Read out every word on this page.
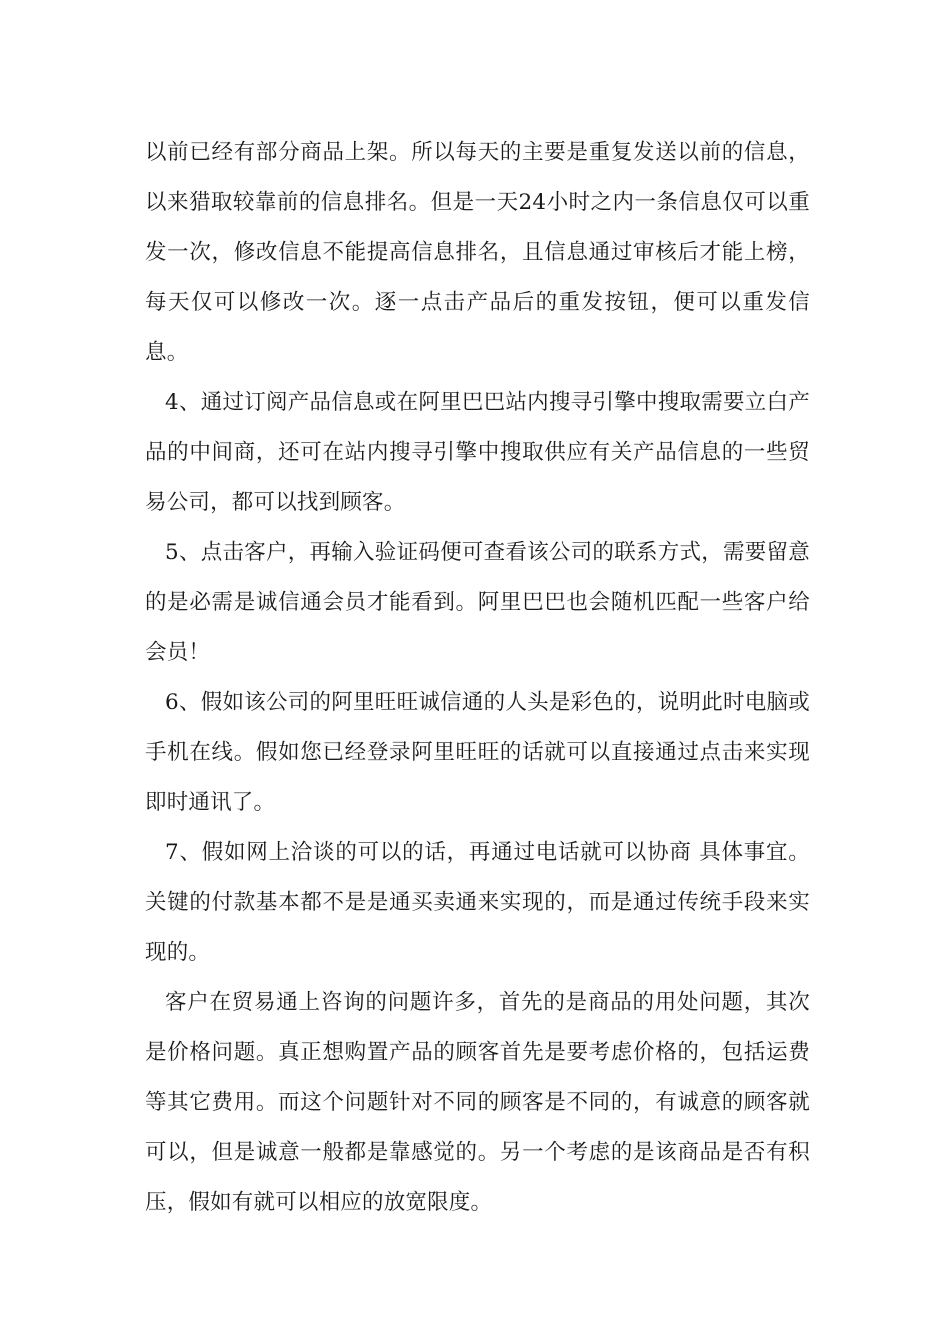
以前已经有部分商品上架。所以每天的主要是重复发送以前的信息，以来猎取较靠前的信息排名。但是一天24小时之内一条信息仅可以重发一次，修改信息不能提高信息排名，且信息通过审核后才能上榜，每天仅可以修改一次。逐一点击产品后的重发按钮，便可以重发信息。

4、通过订阅产品信息或在阿里巴巴站内搜寻引擎中搜取需要立白产品的中间商，还可在站内搜寻引擎中搜取供应有关产品信息的一些贸易公司，都可以找到顾客。

5、点击客户，再输入验证码便可查看该公司的联系方式，需要留意的是必需是诚信通会员才能看到。阿里巴巴也会随机匹配一些客户给会员！

6、假如该公司的阿里旺旺诚信通的人头是彩色的，说明此时电脑或手机在线。假如您已经登录阿里旺旺的话就可以直接通过点击来实现即时通讯了。

7、假如网上洽谈的可以的话，再通过电话就可以协商 具体事宜。关键的付款基本都不是是通买卖通来实现的，而是通过传统手段来实现的。

客户在贸易通上咨询的问题许多，首先的是商品的用处问题，其次是价格问题。真正想购置产品的顾客首先是要考虑价格的，包括运费等其它费用。而这个问题针对不同的顾客是不同的，有诚意的顾客就可以，但是诚意一般都是靠感觉的。另一个考虑的是该商品是否有积压，假如有就可以相应的放宽限度。
